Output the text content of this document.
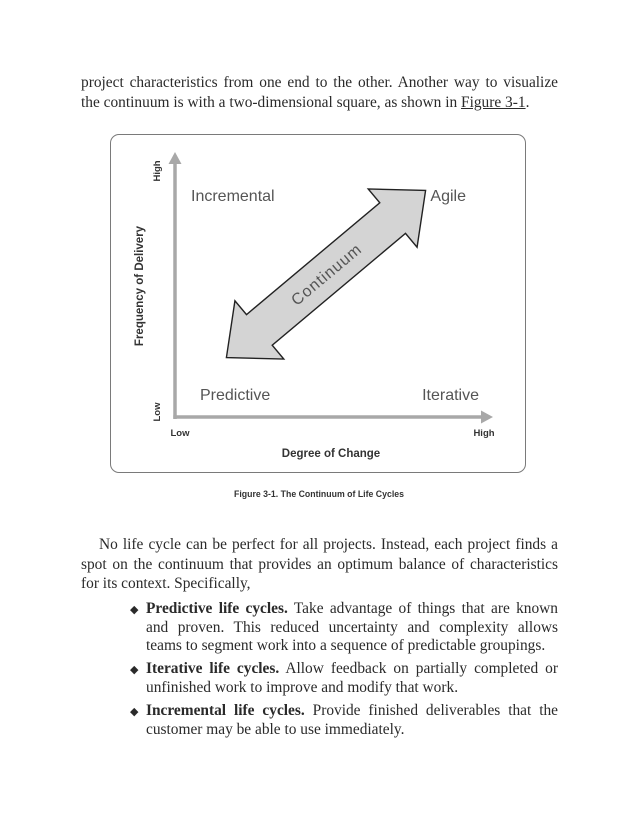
project characteristics from one end to the other. Another way to visualize the continuum is with a two-dimensional square, as shown in Figure 3-1.
High
Frequency of Delivery
Low
Low	High
Degree of Change
Incremental	Agile
Predictive	Iterative
Continuum
Figure 3-1. The Continuum of Life Cycles
No life cycle can be perfect for all projects. Instead, each project finds a spot on the continuum that provides an optimum balance of characteristics for its context. Specifically,
◆ Predictive life cycles. Take advantage of things that are known and proven. This reduced uncertainty and complexity allows teams to segment work into a sequence of predictable groupings.
◆ Iterative life cycles. Allow feedback on partially completed or unfinished work to improve and modify that work.
◆ Incremental life cycles. Provide finished deliverables that the customer may be able to use immediately.
